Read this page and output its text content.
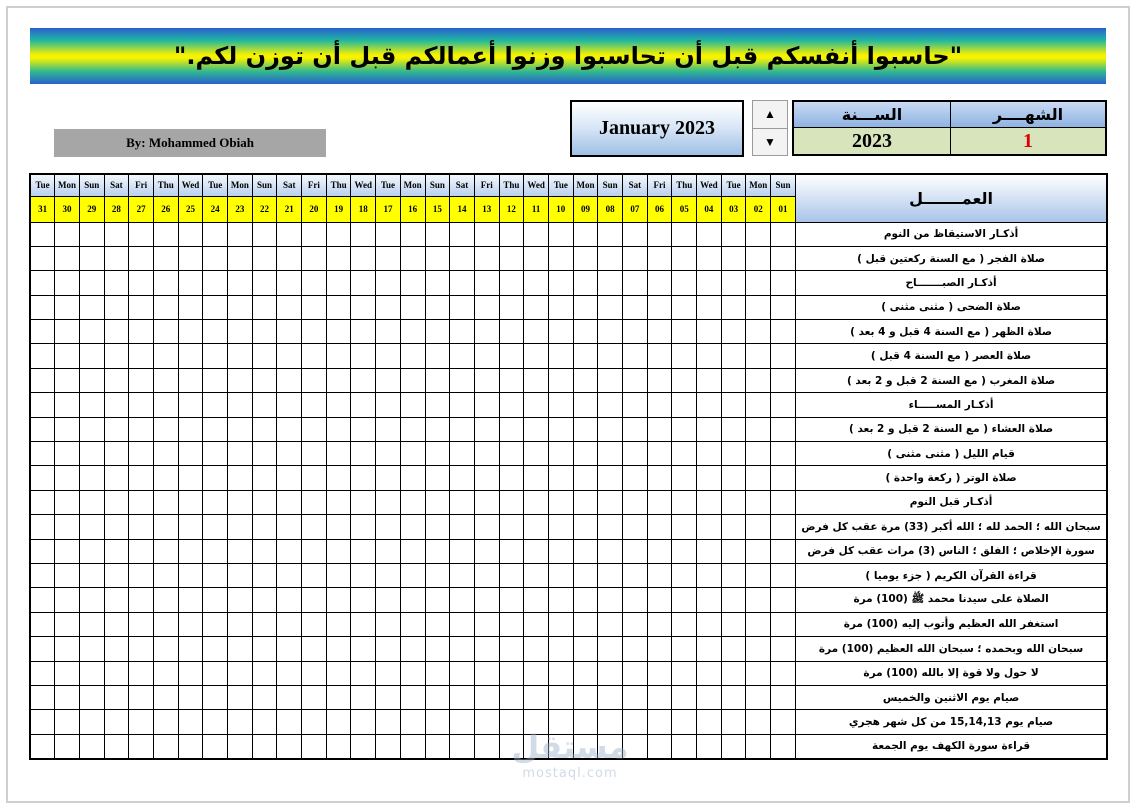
"حاسبوا أنفسكم قبل أن تحاسبوا وزنوا أعمالكم قبل أن توزن لكم."
By: Mohammed Obiah
January 2023
▲
▼
الســـنة	الشهــــر
2023	1
Tue	Mon	Sun	Sat	Fri	Thu	Wed	Tue	Mon	Sun	Sat	Fri	Thu	Wed	Tue	Mon	Sun	Sat	Fri	Thu	Wed	Tue	Mon	Sun	Sat	Fri	Thu	Wed	Tue	Mon	Sun	العمـــــــل
31	30	29	28	27	26	25	24	23	22	21	20	19	18	17	16	15	14	13	12	11	10	09	08	07	06	05	04	03	02	01	
																															أذكـار الاستيقاظ من النوم
																															صلاة الفجر ( مع السنة ركعتين قبل )
																															أذكـار الصبـــــــاح
																															صلاة الضحى ( مثنى مثنى )
																															صلاة الظهر ( مع السنة 4 قبل و 4 بعد )
																															صلاة العصر ( مع السنة 4 قبل )
																															صلاة المغرب ( مع السنة 2 قبل و 2 بعد )
																															أذكـار المســـــاء
																															صلاة العشاء ( مع السنة 2 قبل و 2 بعد )
																															قيام الليل ( مثنى مثنى )
																															صلاة الوتر ( ركعة واحدة )
																															أذكـار قبل النوم
																															سبحان الله ؛ الحمد لله ؛ الله أكبر (33) مرة عقب كل فرض
																															سورة الإخلاص ؛ الفلق ؛ الناس (3) مرات عقب كل فرض
																															قراءة القرآن الكريم ( جزء يوميا )
																															الصلاة على سيدنا محمد ﷺ (100) مرة
																															استغفر الله العظيم وأتوب إليه (100) مرة
																															سبحان الله وبحمده ؛ سبحان الله العظيم (100) مرة
																															لا حول ولا قوة إلا بالله (100) مرة
																															صيام يوم الاثنين والخميس
																															صيام يوم 15,14,13 من كل شهر هجري
																															قراءة سورة الكهف يوم الجمعة
مستقل
mostaql.com
